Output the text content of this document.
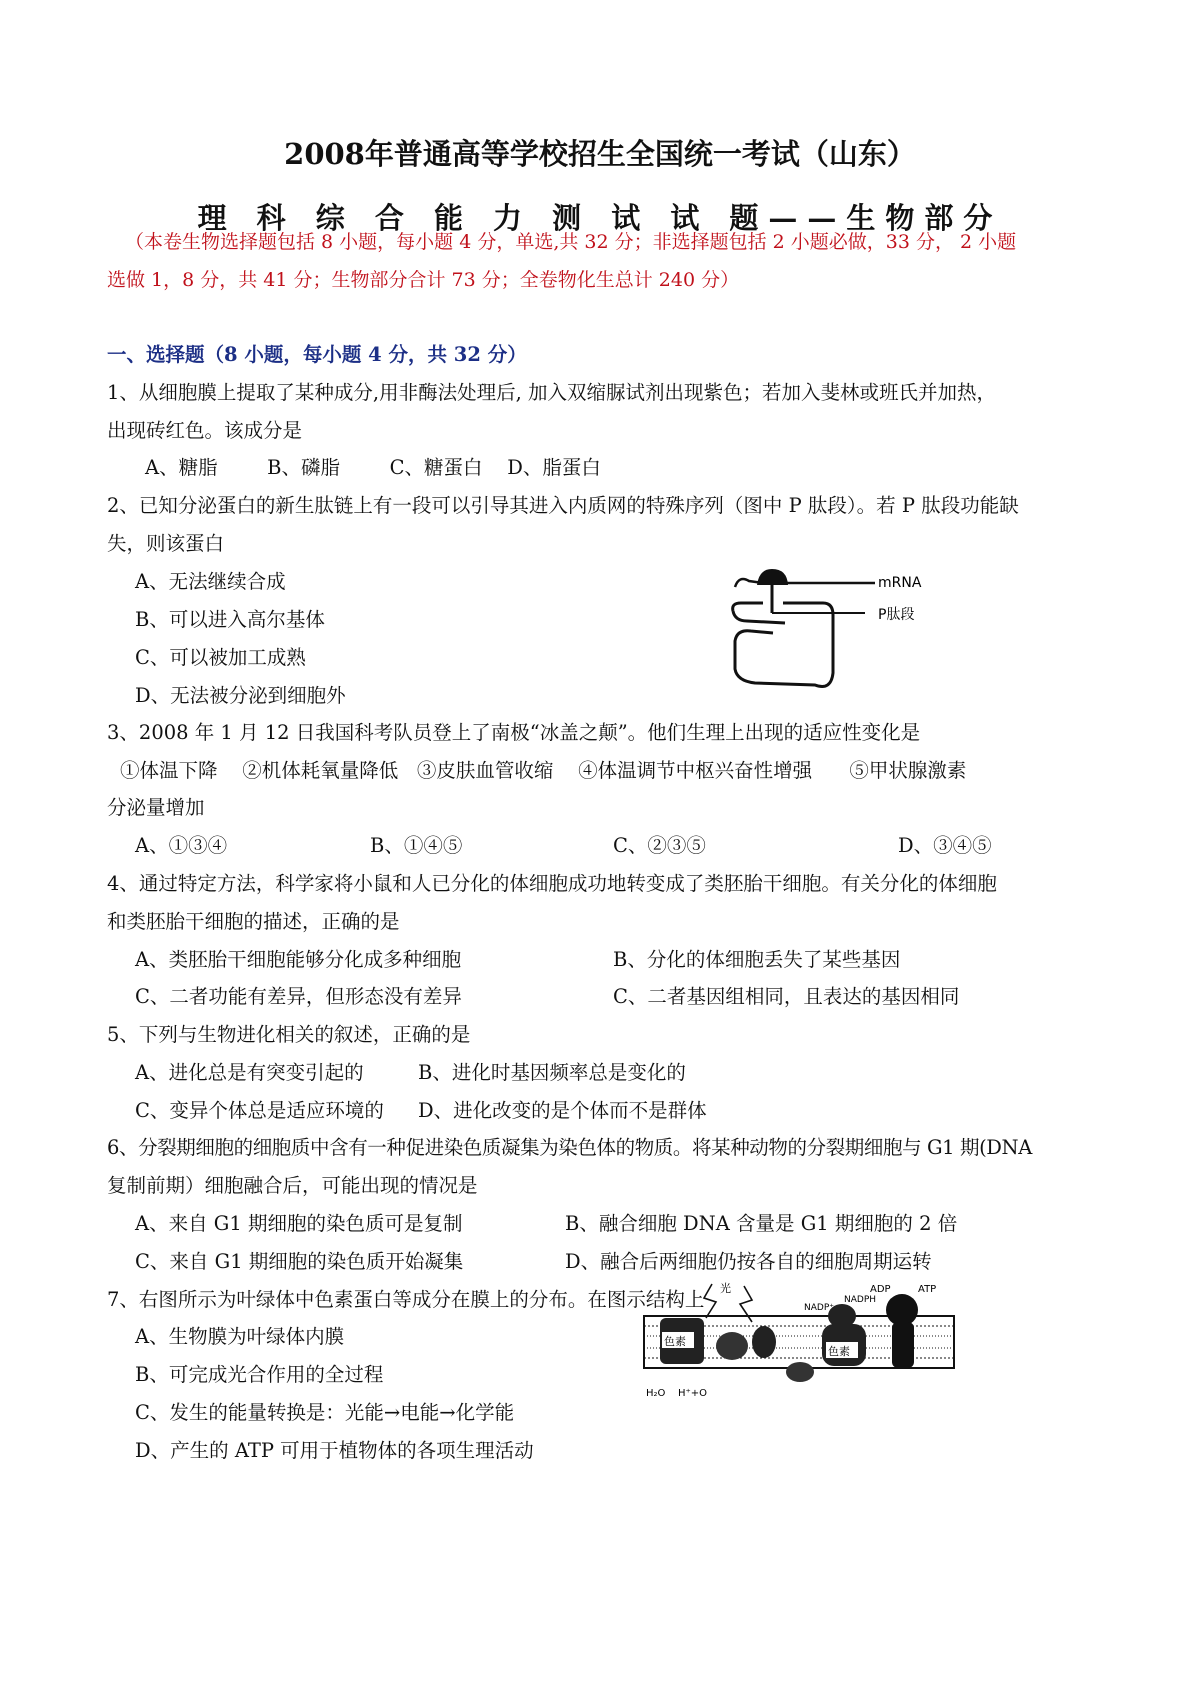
2008年普通高等学校招生全国统一考试（山东）
理 科 综 合 能 力 测 试 试 题——生物部分
（本卷生物选择题包括 8 小题，每小题 4 分，单选,共 32 分；非选择题包括 2 小题必做，33 分， 2 小题
选做 1，8 分，共 41 分；生物部分合计 73 分；全卷物化生总计 240 分）
一、选择题（8 小题，每小题 4 分，共 32 分）
1、从细胞膜上提取了某种成分,用非酶法处理后, 加入双缩脲试剂出现紫色；若加入斐林或班氏并加热，
出现砖红色。该成分是
A、糖脂        B、磷脂        C、糖蛋白    D、脂蛋白
2、已知分泌蛋白的新生肽链上有一段可以引导其进入内质网的特殊序列（图中 P 肽段）。若 P 肽段功能缺
失，则该蛋白
A、无法继续合成
B、可以进入高尔基体
C、可以被加工成熟
D、无法被分泌到细胞外
mRNA
P肽段
3、2008 年 1 月 12 日我国科考队员登上了南极“冰盖之颠”。他们生理上出现的适应性变化是
①体温下降    ②机体耗氧量降低   ③皮肤血管收缩    ④体温调节中枢兴奋性增强      ⑤甲状腺激素
分泌量增加
A、①③④	B、①④⑤	C、②③⑤	D、③④⑤
4、通过特定方法，科学家将小鼠和人已分化的体细胞成功地转变成了类胚胎干细胞。有关分化的体细胞
和类胚胎干细胞的描述，正确的是
A、类胚胎干细胞能够分化成多种细胞	B、分化的体细胞丢失了某些基因
C、二者功能有差异，但形态没有差异	C、二者基因组相同，且表达的基因相同
5、下列与生物进化相关的叙述，正确的是
A、进化总是有突变引起的	B、进化时基因频率总是变化的
C、变异个体总是适应环境的 D、进化改变的是个体而不是群体
6、分裂期细胞的细胞质中含有一种促进染色质凝集为染色体的物质。将某种动物的分裂期细胞与 G1 期(DNA
复制前期）细胞融合后，可能出现的情况是
A、来自 G1 期细胞的染色质可是复制	B、融合细胞 DNA 含量是 G1 期细胞的 2 倍
C、来自 G1 期细胞的染色质开始凝集	D、融合后两细胞仍按各自的细胞周期运转
7、右图所示为叶绿体中色素蛋白等成分在膜上的分布。在图示结构上
A、生物膜为叶绿体内膜
B、可完成光合作用的全过程
C、发生的能量转换是：光能→电能→化学能
D、产生的 ATP 可用于植物体的各项生理活动
色素
色素
光	ADP	ATP
NADP⁺
NADPH
H₂O H⁺+O
